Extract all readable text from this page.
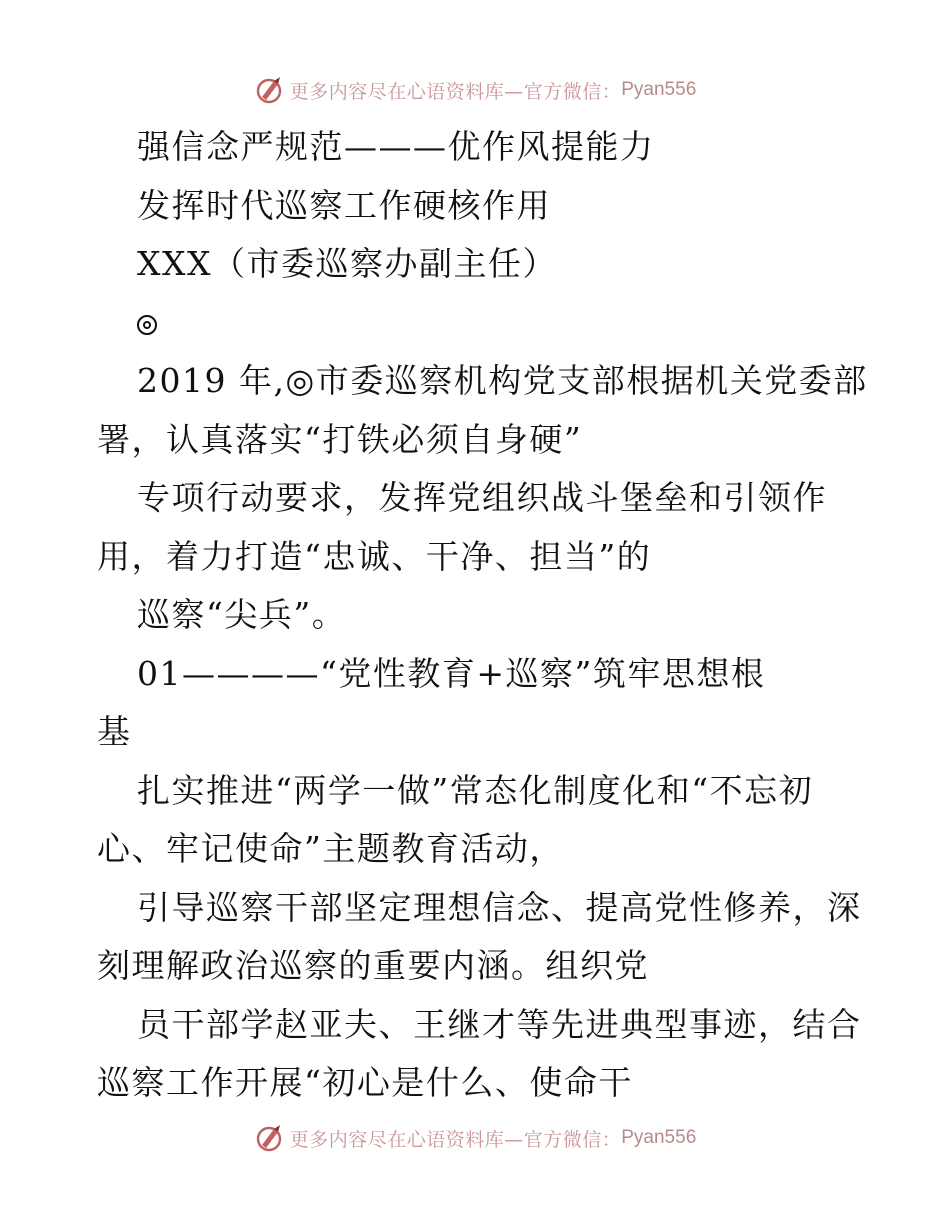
更多内容尽在心语资料库—官方微信： Pyan556
强信念严规范———优作风提能力
发挥时代巡察工作硬核作用
XXX（市委巡察办副主任）
2019 年,◎市委巡察机构党支部根据机关党委部
署，认真落实“打铁必须自身硬”
专项行动要求，发挥党组织战斗堡垒和引领作
用，着力打造“忠诚、干净、担当”的
巡察“尖兵”。
01————“党性教育+巡察”筑牢思想根
基
扎实推进“两学一做”常态化制度化和“不忘初
心、牢记使命”主题教育活动，
引导巡察干部坚定理想信念、提高党性修养，深
刻理解政治巡察的重要内涵。组织党
员干部学赵亚夫、王继才等先进典型事迹，结合
巡察工作开展“初心是什么、使命干
更多内容尽在心语资料库—官方微信： Pyan556
